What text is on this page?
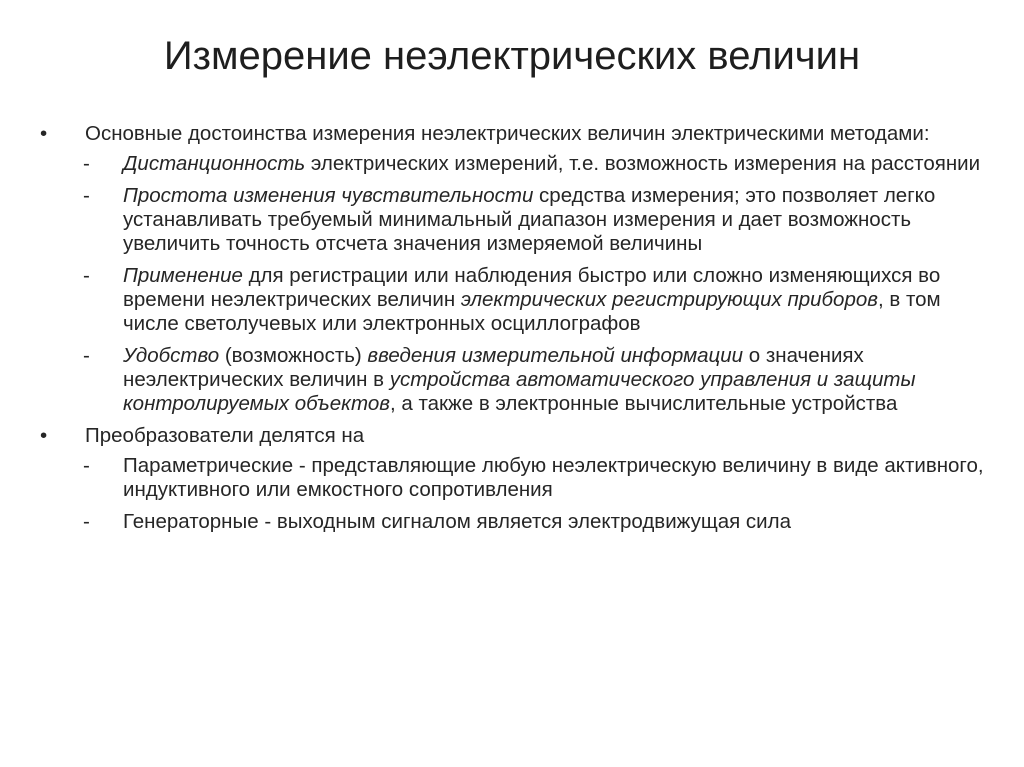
Измерение неэлектрических величин
•	Основные достоинства измерения неэлектрических величин электрическими методами:
-	Дистанционность электрических измерений, т.е. возможность измерения на расстоянии
-	Простота изменения чувствительности средства измерения; это позволяет легко устанавливать требуемый минимальный диапазон измерения и дает возможность увеличить точность отсчета значения измеряемой величины
-	Применение для регистрации или наблюдения быстро или сложно изменяющихся во времени неэлектрических величин электрических регистрирующих приборов, в том числе светолучевых или электронных осциллографов
-	Удобство (возможность) введения измерительной информации о значениях неэлектрических величин в устройства автоматического управления и защиты контролируемых объектов, а также в электронные вычислительные устройства
•	Преобразователи делятся на
-	Параметрические - представляющие любую неэлектрическую величину в виде активного, индуктивного или емкостного сопротивления
-	Генераторные - выходным сигналом является электродвижущая сила
